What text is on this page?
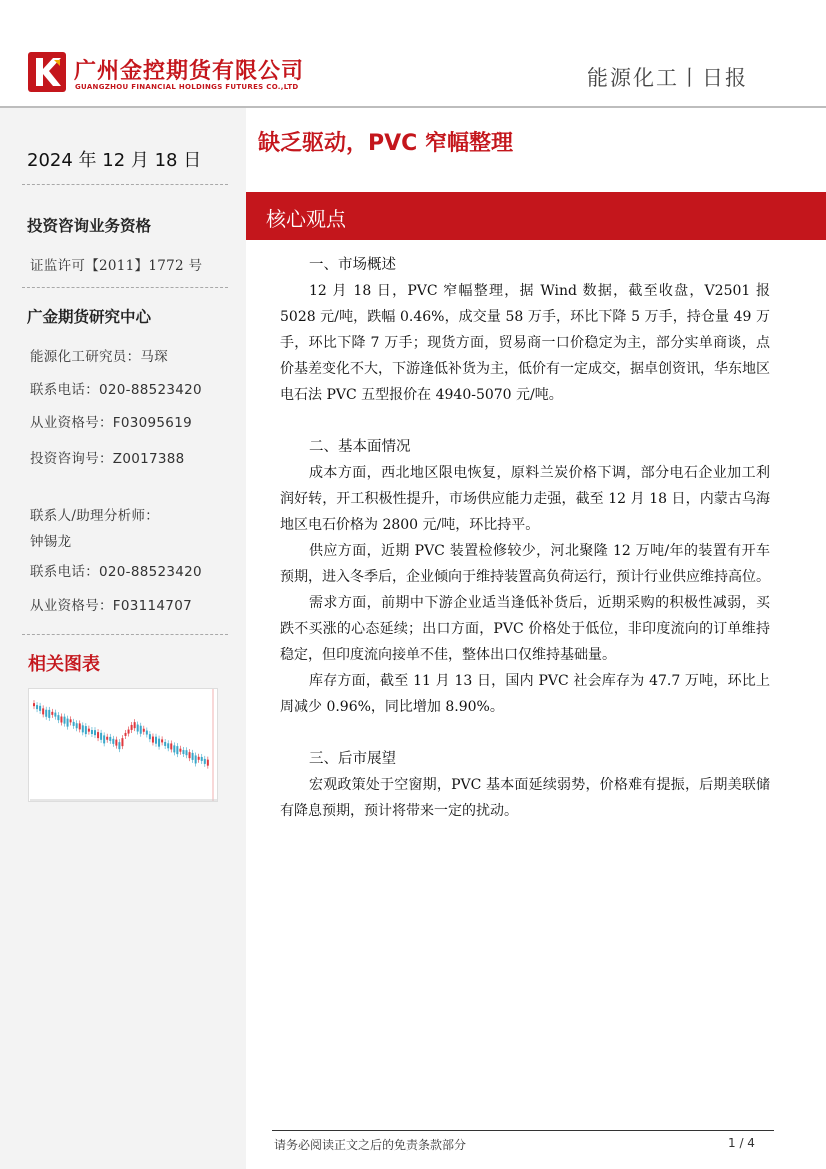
广州金控期货有限公司
GUANGZHOU FINANCIAL HOLDINGS FUTURES CO.,LTD	能源化工丨日报
2024 年 12 月 18 日
投资咨询业务资格
证监许可【2011】1772 号
广金期货研究中心
能源化工研究员：马琛
联系电话：020-88523420
从业资格号：F03095619
投资咨询号：Z0017388
联系人/助理分析师：
钟锡龙
联系电话：020-88523420
从业资格号：F03114707
相关图表
缺乏驱动，PVC 窄幅整理
核心观点
一、市场概述
12 月 18 日，PVC 窄幅整理，据 Wind 数据，截至收盘，V2501 报 5028 元/吨，跌幅 0.46%，成交量 58 万手，环比下降 5 万手，持仓量 49 万手，环比下降 7 万手；现货方面，贸易商一口价稳定为主，部分实单商谈，点价基差变化不大，下游逢低补货为主，低价有一定成交，据卓创资讯，华东地区电石法 PVC 五型报价在 4940-5070 元/吨。
二、基本面情况
成本方面，西北地区限电恢复，原料兰炭价格下调，部分电石企业加工利润好转，开工积极性提升，市场供应能力走强，截至 12 月 18 日，内蒙古乌海地区电石价格为 2800 元/吨，环比持平。
供应方面，近期 PVC 装置检修较少，河北聚隆 12 万吨/年的装置有开车预期，进入冬季后，企业倾向于维持装置高负荷运行，预计行业供应维持高位。
需求方面，前期中下游企业适当逢低补货后，近期采购的积极性减弱，买跌不买涨的心态延续；出口方面，PVC 价格处于低位，非印度流向的订单维持稳定，但印度流向接单不佳，整体出口仅维持基础量。
库存方面，截至 11 月 13 日，国内 PVC 社会库存为 47.7 万吨，环比上周减少 0.96%，同比增加 8.90%。
三、后市展望
宏观政策处于空窗期，PVC 基本面延续弱势，价格难有提振，后期美联储有降息预期，预计将带来一定的扰动。
请务必阅读正文之后的免责条款部分	1 / 4
